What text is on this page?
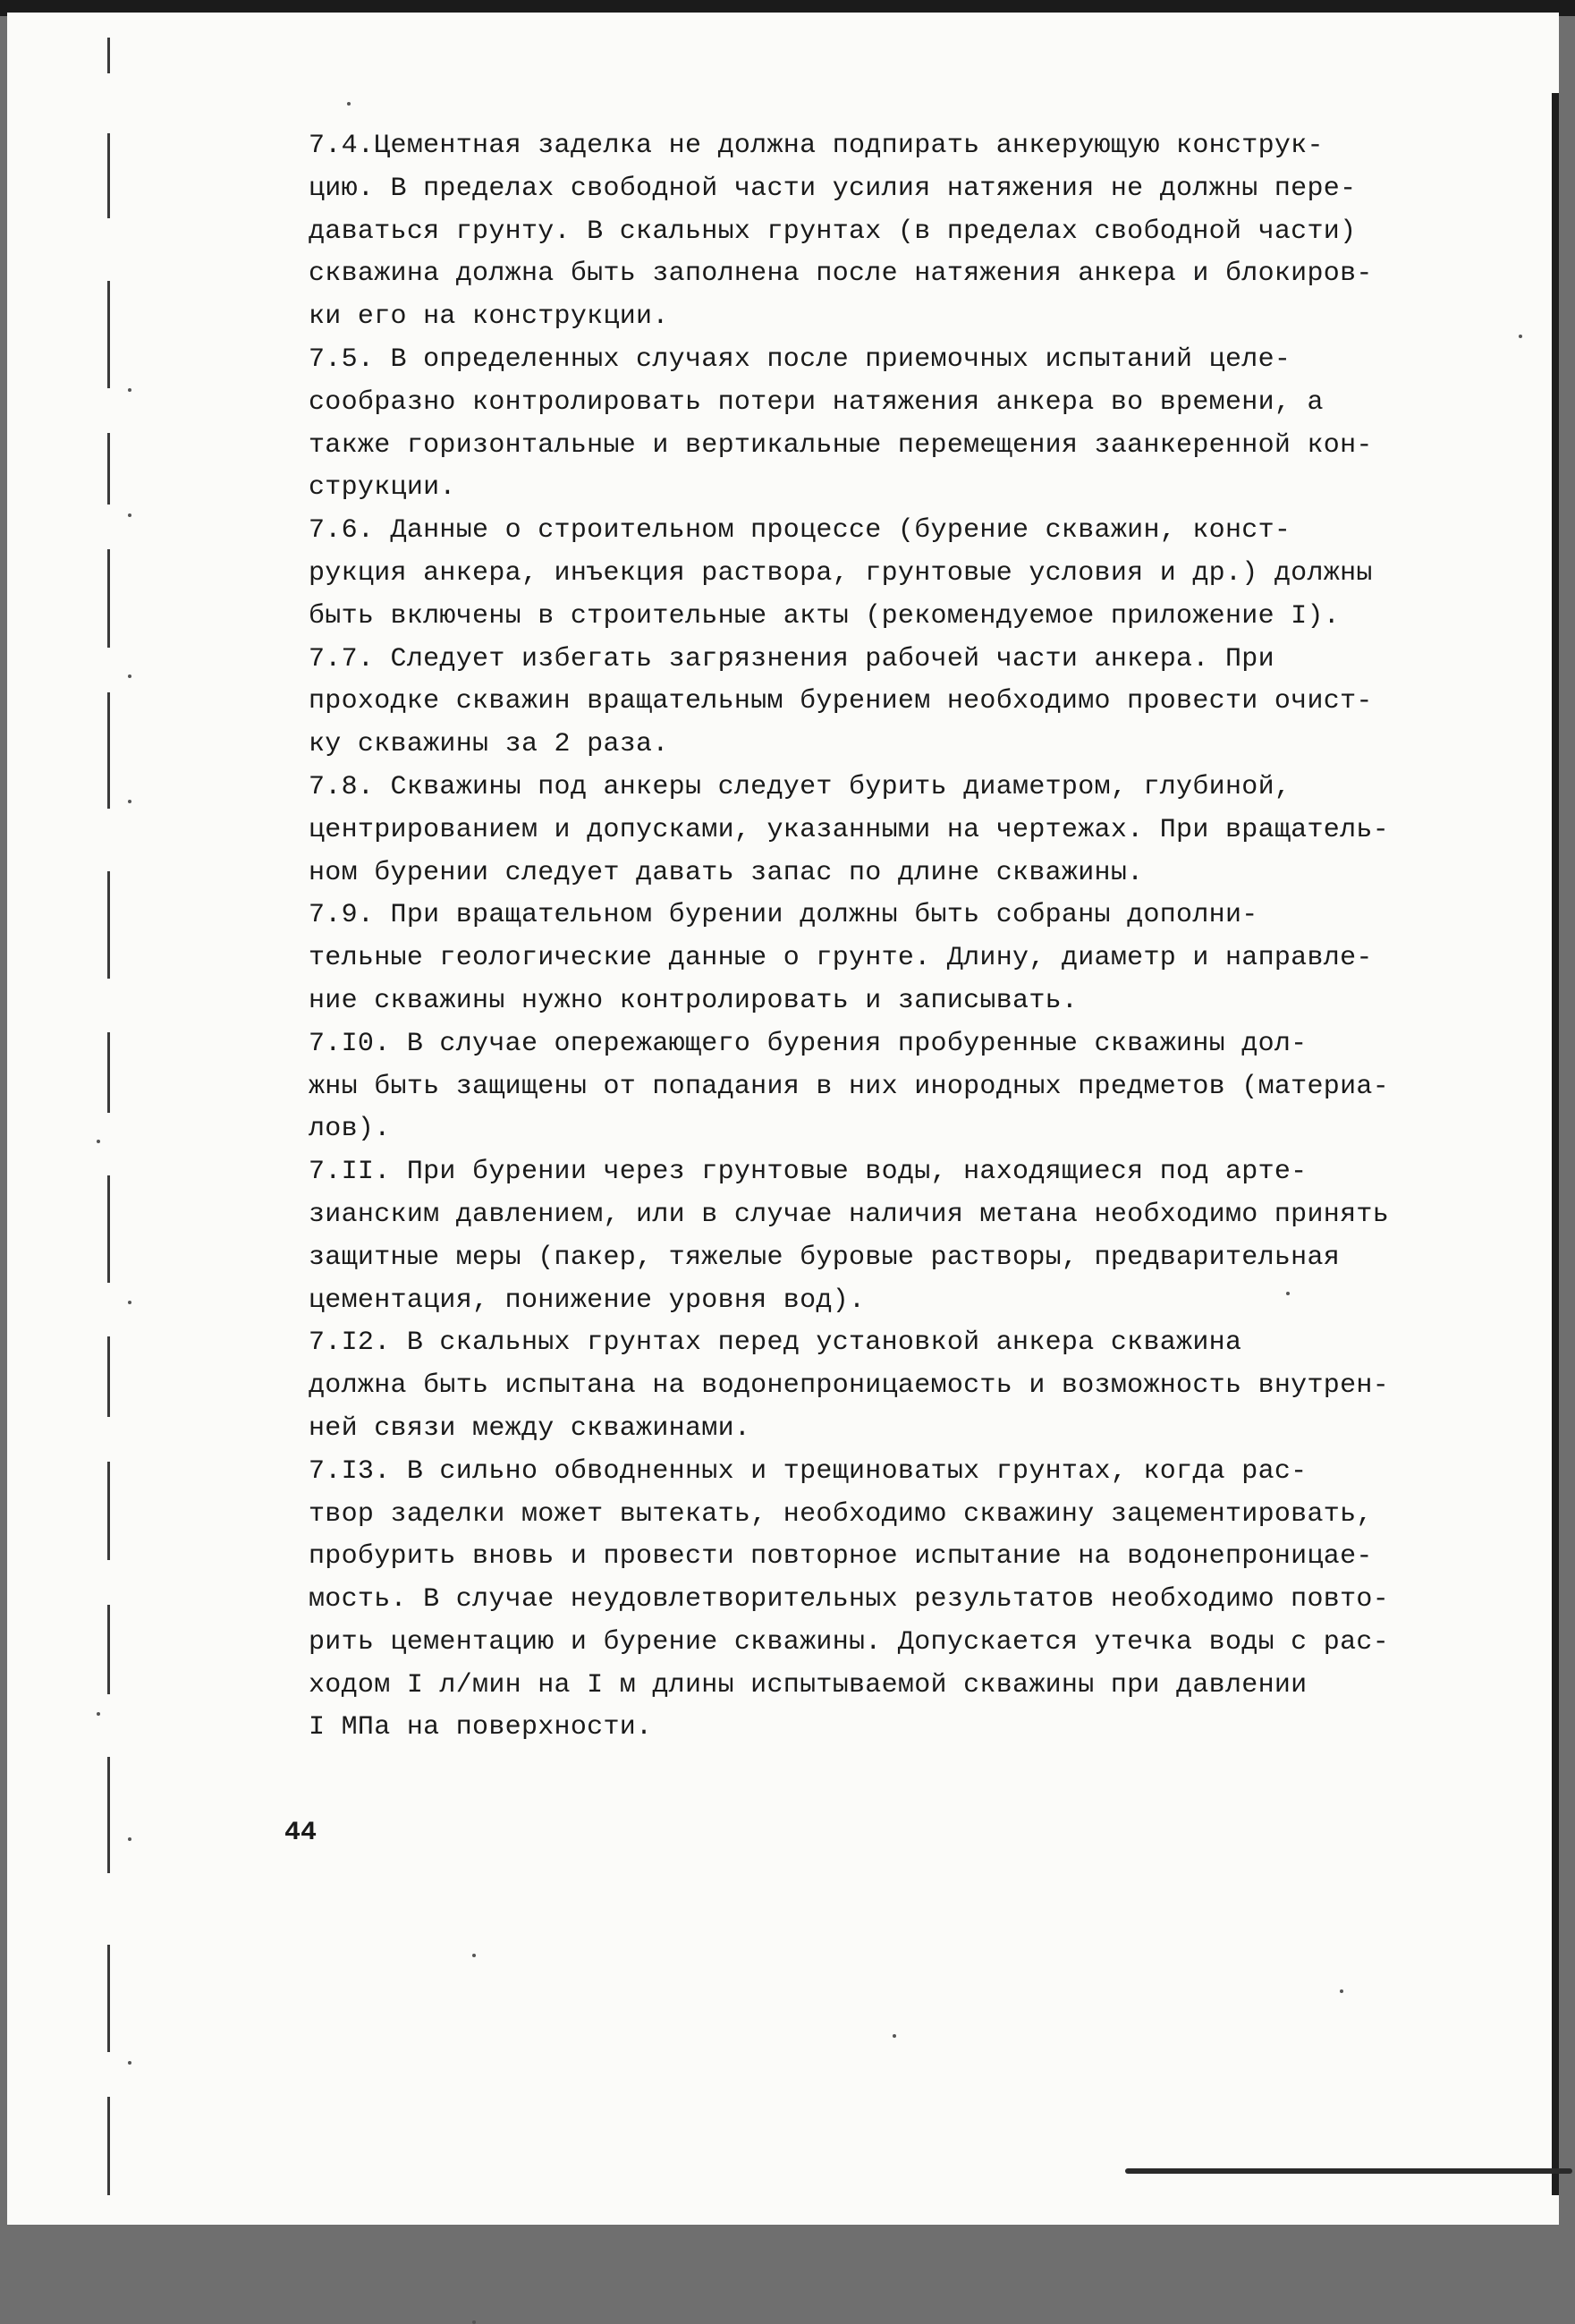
7.4.Цементная заделка не должна подпирать анкерующую конструк-
цию. В пределах свободной части усилия натяжения не должны пере-
даваться грунту. В скальных грунтах (в пределах свободной части)
скважина должна быть заполнена после натяжения анкера и блокиров-
ки его на конструкции.

7.5. В определенных случаях после приемочных испытаний целе-
сообразно контролировать потери натяжения анкера во времени, а
также горизонтальные и вертикальные перемещения заанкеренной кон-
струкции.

7.6. Данные о строительном процессе (бурение скважин, конст-
рукция анкера, инъекция раствора, грунтовые условия и др.) должны
быть включены в строительные акты (рекомендуемое приложение I).

7.7. Следует избегать загрязнения рабочей части анкера. При
проходке скважин вращательным бурением необходимо провести очист-
ку скважины за 2 раза.

7.8. Скважины под анкеры следует бурить диаметром, глубиной,
центрированием и допусками, указанными на чертежах. При вращатель-
ном бурении следует давать запас по длине скважины.

7.9. При вращательном бурении должны быть собраны дополни-
тельные геологические данные о грунте. Длину, диаметр и направле-
ние скважины нужно контролировать и записывать.

7.I0. В случае опережающего бурения пробуренные скважины дол-
жны быть защищены от попадания в них инородных предметов (материа-
лов).

7.II. При бурении через грунтовые воды, находящиеся под арте-
зианским давлением, или в случае наличия метана необходимо принять
защитные меры (пакер, тяжелые буровые растворы, предварительная
цементация, понижение уровня вод).

7.I2. В скальных грунтах перед установкой анкера скважина
должна быть испытана на водонепроницаемость и возможность внутрен-
ней связи между скважинами.

7.I3. В сильно обводненных и трещиноватых грунтах, когда рас-
твор заделки может вытекать, необходимо скважину зацементировать,
пробурить вновь и провести повторное испытание на водонепроницае-
мость. В случае неудовлетворительных результатов необходимо повто-
рить цементацию и бурение скважины. Допускается утечка воды с рас-
ходом I л/мин на I м длины испытываемой скважины при давлении
I МПа на поверхности.

44
